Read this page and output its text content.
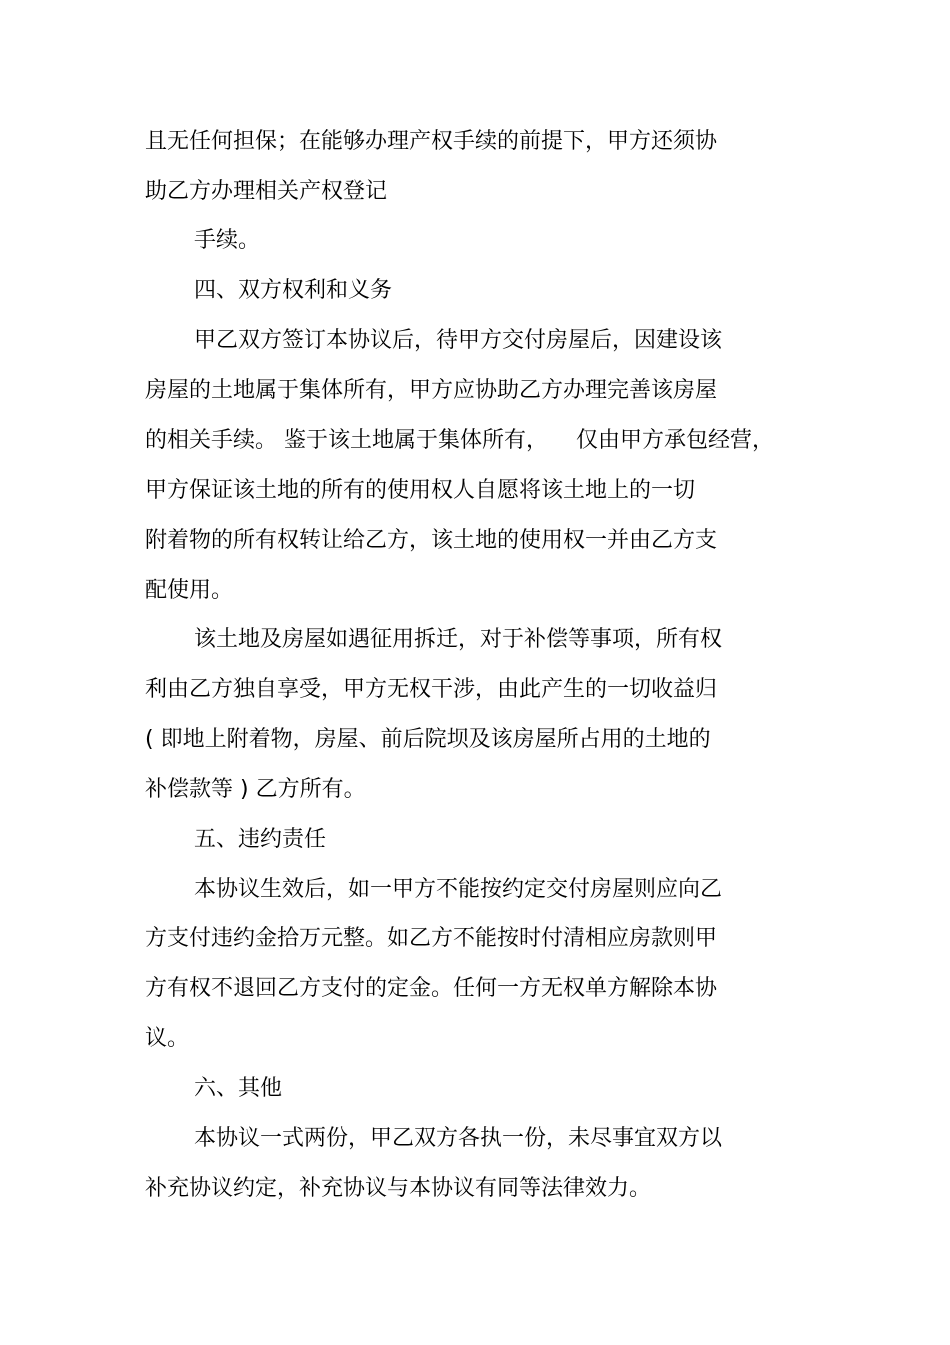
且无任何担保；在能够办理产权手续的前提下，甲方还须协
助乙方办理相关产权登记
手续。
四、双方权利和义务
甲乙双方签订本协议后，待甲方交付房屋后，因建设该
房屋的土地属于集体所有，甲方应协助乙方办理完善该房屋
的相关手续。 鉴于该土地属于集体所有，    仅由甲方承包经营，
甲方保证该土地的所有的使用权人自愿将该土地上的一切
附着物的所有权转让给乙方，该土地的使用权一并由乙方支
配使用。
该土地及房屋如遇征用拆迁，对于补偿等事项，所有权
利由乙方独自享受，甲方无权干涉，由此产生的一切收益归
( 即地上附着物，房屋、前后院坝及该房屋所占用的土地的
补偿款等 ) 乙方所有。
五、违约责任
本协议生效后，如一甲方不能按约定交付房屋则应向乙
方支付违约金拾万元整。如乙方不能按时付清相应房款则甲
方有权不退回乙方支付的定金。任何一方无权单方解除本协
议。
六、其他
本协议一式两份，甲乙双方各执一份，未尽事宜双方以
补充协议约定，补充协议与本协议有同等法律效力。
